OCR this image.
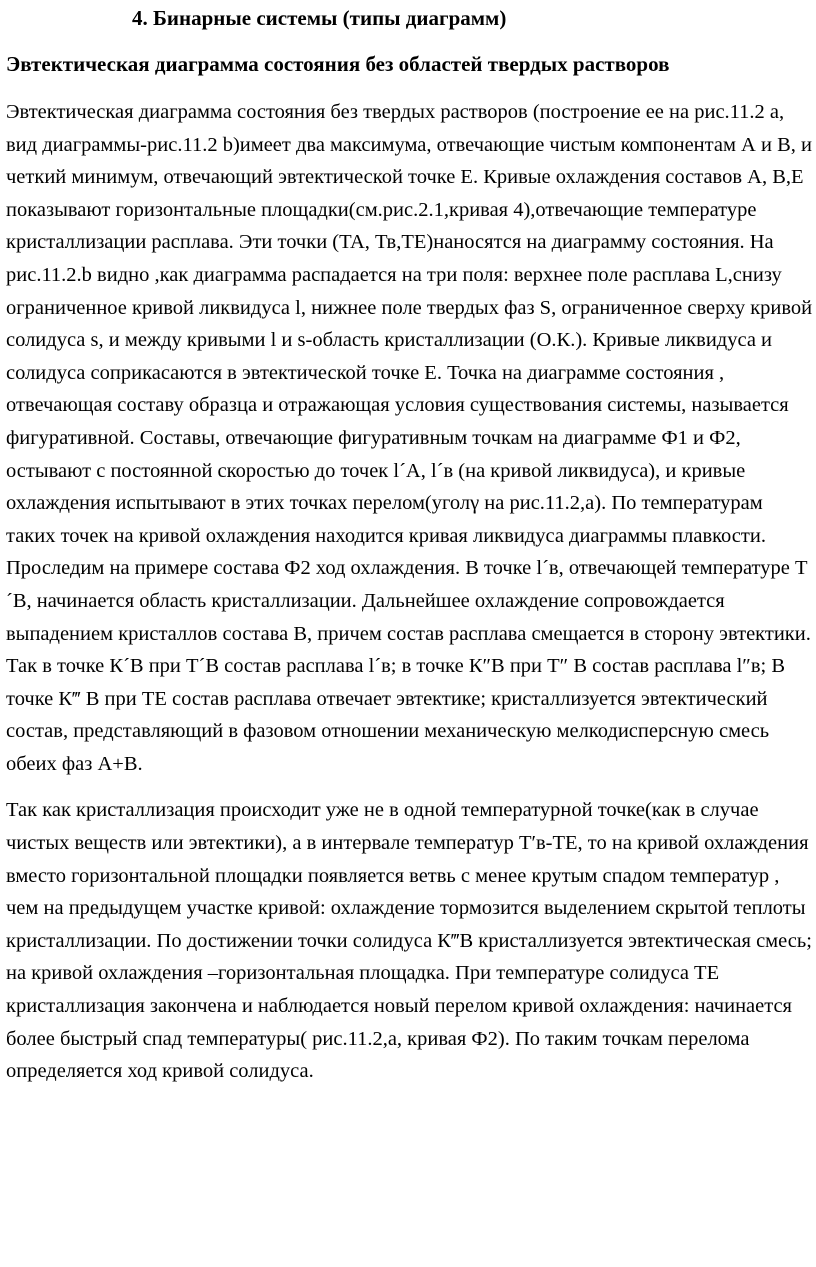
4. Бинарные системы (типы диаграмм)
Эвтектическая диаграмма состояния без областей твердых растворов

Эвтектическая диаграмма состояния без твердых растворов (построение ее на рис.11.2 а, вид диаграммы-рис.11.2 b)имеет два максимума, отвечающие чистым компонентам А и В, и четкий минимум, отвечающий эвтектической точке Е. Кривые охлаждения составов А, В,Е показывают горизонтальные площадки(см.рис.2.1,кривая 4),отвечающие температуре кристаллизации расплава. Эти точки (TA, Тв,TE)наносятся на диаграмму состояния. На рис.11.2.b видно ,как диаграмма распадается на три поля: верхнее поле расплава L,снизу ограниченное кривой ликвидуса l, нижнее поле твердых фаз S, ограниченное сверху кривой солидуса s, и между кривыми l и s-область кристаллизации (О.К.). Кривые ликвидуса и солидуса соприкасаются в эвтектической точке Е. Точка на диаграмме состояния , отвечающая составу образца и отражающая условия существования системы, называется фигуративной. Составы, отвечающие фигуративным точкам на диаграмме Ф1 и Ф2, остывают с постоянной скоростью до точек l´A, l´в (на кривой ликвидуса), и кривые охлаждения испытывают в этих точках перелом(уголγ на рис.11.2,а). По температурам таких точек на кривой охлаждения находится кривая ликвидуса диаграммы плавкости. Проследим на примере состава Ф2 ход охлаждения. В точке l´в, отвечающей температуре T´B, начинается область кристаллизации. Дальнейшее охлаждение сопровождается выпадением кристаллов состава В, причем состав расплава смещается в сторону эвтектики. Так в точке К´B при Т´B состав расплава l´в; в точке К″B при Т″ B состав расплава l″в; В точке К‴ B при TE состав расплава отвечает эвтектике; кристаллизуется эвтектический состав, представляющий в фазовом отношении механическую мелкодисперсную смесь обеих фаз А+В.

Так как кристаллизация происходит уже не в одной температурной точке(как в случае чистых веществ или эвтектики), а в интервале температур Т′в-TE, то на кривой охлаждения вместо горизонтальной площадки появляется ветвь с менее крутым спадом температур , чем на предыдущем участке кривой: охлаждение тормозится выделением скрытой теплоты кристаллизации. По достижении точки солидуса К‴B кристаллизуется эвтектическая смесь; на кривой охлаждения –горизонтальная площадка. При температуре солидуса TE кристаллизация закончена и наблюдается новый перелом кривой охлаждения: начинается более быстрый спад температуры( рис.11.2,а, кривая Ф2). По таким точкам перелома определяется ход кривой солидуса.
